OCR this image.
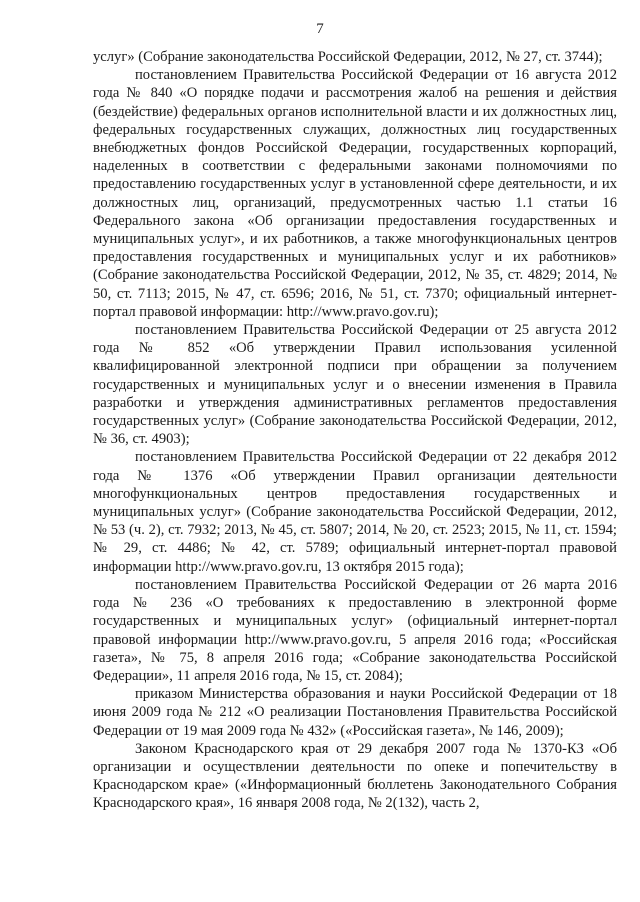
7

услуг» (Собрание законодательства Российской Федерации, 2012, № 27, ст. 3744);

постановлением Правительства Российской Федерации от 16 августа 2012 года № 840 «О порядке подачи и рассмотрения жалоб на решения и действия (бездействие) федеральных органов исполнительной власти и их должностных лиц, федеральных государственных служащих, должностных лиц государственных внебюджетных фондов Российской Федерации, государственных корпораций, наделенных в соответствии с федеральными законами полномочиями по предоставлению государственных услуг в установленной сфере деятельности, и их должностных лиц, организаций, предусмотренных частью 1.1 статьи 16 Федерального закона «Об организации предоставления государственных и муниципальных услуг», и их работников, а также многофункциональных центров предоставления государственных и муниципальных услуг и их работников» (Собрание законодательства Российской Федерации, 2012, № 35, ст. 4829; 2014, № 50, ст. 7113; 2015, № 47, ст. 6596; 2016, № 51, ст. 7370; официальный интернет-портал правовой информации: http://www.pravo.gov.ru);

постановлением Правительства Российской Федерации от 25 августа 2012 года № 852 «Об утверждении Правил использования усиленной квалифицированной электронной подписи при обращении за получением государственных и муниципальных услуг и о внесении изменения в Правила разработки и утверждения административных регламентов предоставления государственных услуг» (Собрание законодательства Российской Федерации, 2012, № 36, ст. 4903);

постановлением Правительства Российской Федерации от 22 декабря 2012 года № 1376 «Об утверждении Правил организации деятельности многофункциональных центров предоставления государственных и муниципальных услуг» (Собрание законодательства Российской Федерации, 2012, № 53 (ч. 2), ст. 7932; 2013, № 45, ст. 5807; 2014, № 20, ст. 2523; 2015, № 11, ст. 1594; № 29, ст. 4486; № 42, ст. 5789; официальный интернет-портал правовой информации http://www.pravo.gov.ru, 13 октября 2015 года);

постановлением Правительства Российской Федерации от 26 марта 2016 года № 236 «О требованиях к предоставлению в электронной форме государственных и муниципальных услуг» (официальный интернет-портал правовой информации http://www.pravo.gov.ru, 5 апреля 2016 года; «Российская газета», № 75, 8 апреля 2016 года; «Собрание законодательства Российской Федерации», 11 апреля 2016 года, № 15, ст. 2084);

приказом Министерства образования и науки Российской Федерации от 18 июня 2009 года № 212 «О реализации Постановления Правительства Российской Федерации от 19 мая 2009 года № 432» («Российская газета», № 146, 2009);

Законом Краснодарского края от 29 декабря 2007 года № 1370-КЗ «Об организации и осуществлении деятельности по опеке и попечительству в Краснодарском крае» («Информационный бюллетень Законодательного Собрания Краснодарского края», 16 января 2008 года, № 2(132), часть 2,
